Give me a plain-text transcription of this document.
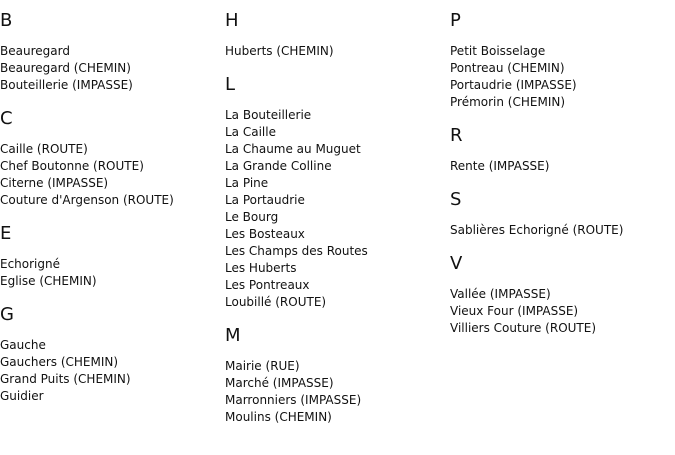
B
Beauregard
Beauregard (CHEMIN)
Bouteillerie (IMPASSE)
C
Caille (ROUTE)
Chef Boutonne (ROUTE)
Citerne (IMPASSE)
Couture d'Argenson (ROUTE)
E
Echorigné
Eglise (CHEMIN)
G
Gauche
Gauchers (CHEMIN)
Grand Puits (CHEMIN)
Guidier
H
Huberts (CHEMIN)
L
La Bouteillerie
La Caille
La Chaume au Muguet
La Grande Colline
La Pine
La Portaudrie
Le Bourg
Les Bosteaux
Les Champs des Routes
Les Huberts
Les Pontreaux
Loubillé (ROUTE)
M
Mairie (RUE)
Marché (IMPASSE)
Marronniers (IMPASSE)
Moulins (CHEMIN)
P
Petit Boisselage
Pontreau (CHEMIN)
Portaudrie (IMPASSE)
Prémorin (CHEMIN)
R
Rente (IMPASSE)
S
Sablières Echorigné (ROUTE)
V
Vallée (IMPASSE)
Vieux Four (IMPASSE)
Villiers Couture (ROUTE)
